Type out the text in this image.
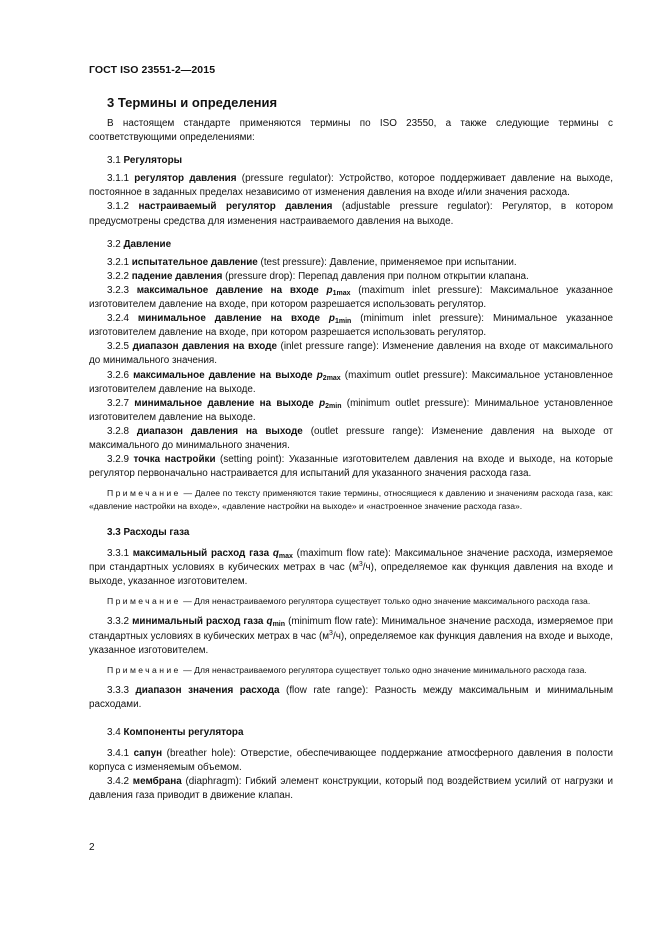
ГОСТ ISO 23551-2—2015
3 Термины и определения

В настоящем стандарте применяются термины по ISO 23550, а также следующие термины с соответствующими определениями:

3.1 Регуляторы

3.1.1 регулятор давления (pressure regulator): Устройство, которое поддерживает давление на выходе, постоянное в заданных пределах независимо от изменения давления на входе и/или значения расхода.

3.1.2 настраиваемый регулятор давления (adjustable pressure regulator): Регулятор, в котором предусмотрены средства для изменения настраиваемого давления на выходе.

3.2 Давление

3.2.1 испытательное давление (test pressure): Давление, применяемое при испытании.

3.2.2 падение давления (pressure drop): Перепад давления при полном открытии клапана.

3.2.3 максимальное давление на входе $p_{1max}$ (maximum inlet pressure): Максимальное указанное изготовителем давление на входе, при котором разрешается использовать регулятор.

3.2.4 минимальное давление на входе $p_{1min}$ (minimum inlet pressure): Минимальное указанное изготовителем давление на входе, при котором разрешается использовать регулятор.

3.2.5 диапазон давления на входе (inlet pressure range): Изменение давления на входе от максимального до минимального значения.

3.2.6 максимальное давление на выходе $p_{2max}$ (maximum outlet pressure): Максимальное установленное изготовителем давление на выходе.

3.2.7 минимальное давление на выходе $p_{2min}$ (minimum outlet pressure): Минимальное установленное изготовителем давление на выходе.

3.2.8 диапазон давления на выходе (outlet pressure range): Изменение давления на выходе от максимального до минимального значения.

3.2.9 точка настройки (setting point): Указанные изготовителем давления на входе и выходе, на которые регулятор первоначально настраивается для испытаний для указанного значения расхода газа.

Примечание — Далее по тексту применяются такие термины, относящиеся к давлению и значениям расхода газа, как: «давление настройки на входе», «давление настройки на выходе» и «настроенное значение расхода газа».

3.3 Расходы газа

3.3.1 максимальный расход газа $q_{max}$ (maximum flow rate): Максимальное значение расхода, измеряемое при стандартных условиях в кубических метрах в час $(м^3/ч)$, определяемое как функция давления на входе и выходе, указанное изготовителем.

Примечание — Для ненастраиваемого регулятора существует только одно значение максимального расхода газа.

3.3.2 минимальный расход газа $q_{min}$ (minimum flow rate): Минимальное значение расхода, измеряемое при стандартных условиях в кубических метрах в час $(м^3/ч)$, определяемое как функция давления на входе и выходе, указанное изготовителем.

Примечание — Для ненастраиваемого регулятора существует только одно значение минимального расхода газа.

3.3.3 диапазон значения расхода (flow rate range): Разность между максимальным и минимальным расходами.

3.4 Компоненты регулятора

3.4.1 сапун (breather hole): Отверстие, обеспечивающее поддержание атмосферного давления в полости корпуса с изменяемым объемом.

3.4.2 мембрана (diaphragm): Гибкий элемент конструкции, который под воздействием усилий от нагрузки и давления газа приводит в движение клапан.

2
